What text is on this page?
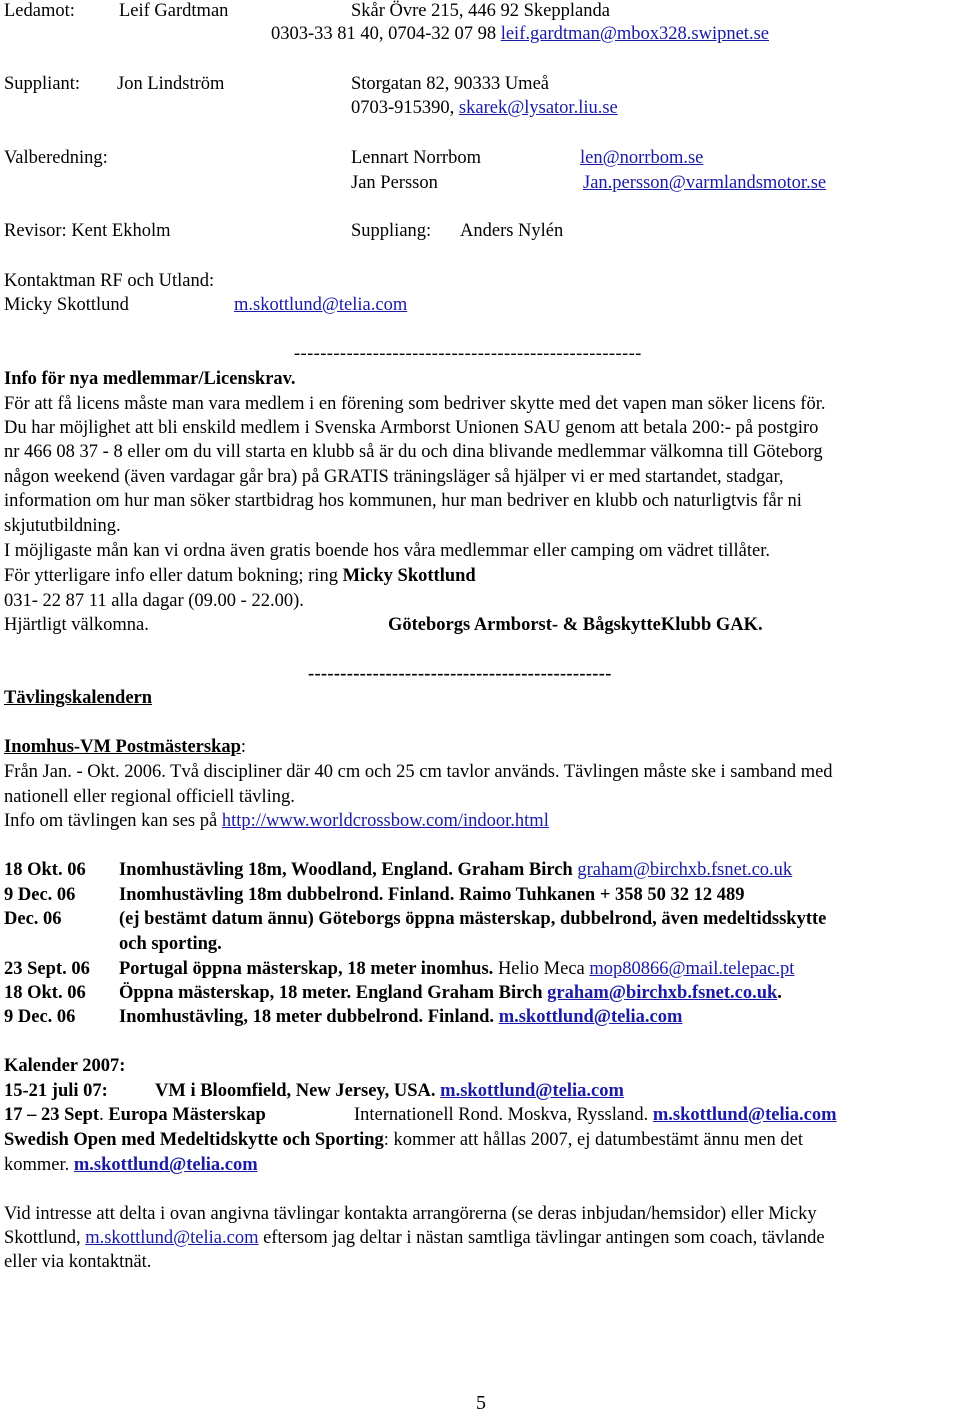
Ledamot: Leif Gardtman	Skår Övre 215, 446 92 Skepplanda
0303-33 81 40, 0704-32 07 98 leif.gardtman@mbox328.swipnet.se
Suppliant: Jon Lindström	Storgatan 82, 90333 Umeå
0703-915390, skarek@lysator.liu.se
Valberedning:	Lennart Norrbom	len@norrbom.se
Jan Persson	Jan.persson@varmlandsmotor.se
Revisor: Kent Ekholm	Suppliang: Anders Nylén
Kontaktman RF och Utland:
Micky Skottlund	m.skottlund@telia.com
-----------------------------------------------------
Info för nya medlemmar/Licenskrav.
För att få licens måste man vara medlem i en förening som bedriver skytte med det vapen man söker licens för.
Du har möjlighet att bli enskild medlem i Svenska Armborst Unionen SAU genom att betala 200:- på postgiro
nr 466 08 37 - 8 eller om du vill starta en klubb så är du och dina blivande medlemmar välkomna till Göteborg
någon weekend (även vardagar går bra) på GRATIS träningsläger så hjälper vi er med startandet, stadgar,
information om hur man söker startbidrag hos kommunen, hur man bedriver en klubb och naturligtvis får ni
skjututbildning.
I möjligaste mån kan vi ordna även gratis boende hos våra medlemmar eller camping om vädret tillåter.
För ytterligare info eller datum bokning; ring Micky Skottlund
031- 22 87 11 alla dagar (09.00 - 22.00).
Hjärtligt välkomna.	Göteborgs Armborst- & BågskytteKlubb GAK.
-----------------------------------------------
Tävlingskalendern
Inomhus-VM Postmästerskap:
Från Jan. - Okt. 2006. Två discipliner där 40 cm och 25 cm tavlor används. Tävlingen måste ske i samband med
nationell eller regional officiell tävling.
Info om tävlingen kan ses på http://www.worldcrossbow.com/indoor.html
18 Okt. 06 Inomhustävling 18m, Woodland, England. Graham Birch graham@birchxb.fsnet.co.uk
9 Dec. 06 Inomhustävling 18m dubbelrond. Finland. Raimo Tuhkanen + 358 50 32 12 489
Dec. 06	(ej bestämt datum ännu) Göteborgs öppna mästerskap, dubbelrond, även medeltidsskytte
och sporting.
23 Sept. 06 Portugal öppna mästerskap, 18 meter inomhus. Helio Meca mop80866@mail.telepac.pt
18 Okt. 06 Öppna mästerskap, 18 meter. England Graham Birch graham@birchxb.fsnet.co.uk.
9 Dec. 06 Inomhustävling, 18 meter dubbelrond. Finland. m.skottlund@telia.com
Kalender 2007:
15-21 juli 07:	VM i Bloomfield, New Jersey, USA. m.skottlund@telia.com
17 – 23 Sept. Europa Mästerskap	Internationell Rond. Moskva, Ryssland. m.skottlund@telia.com
Swedish Open med Medeltidskytte och Sporting: kommer att hållas 2007, ej datumbestämt ännu men det
kommer. m.skottlund@telia.com
Vid intresse att delta i ovan angivna tävlingar kontakta arrangörerna (se deras inbjudan/hemsidor) eller Micky
Skottlund, m.skottlund@telia.com eftersom jag deltar i nästan samtliga tävlingar antingen som coach, tävlande
eller via kontaktnät.
5
